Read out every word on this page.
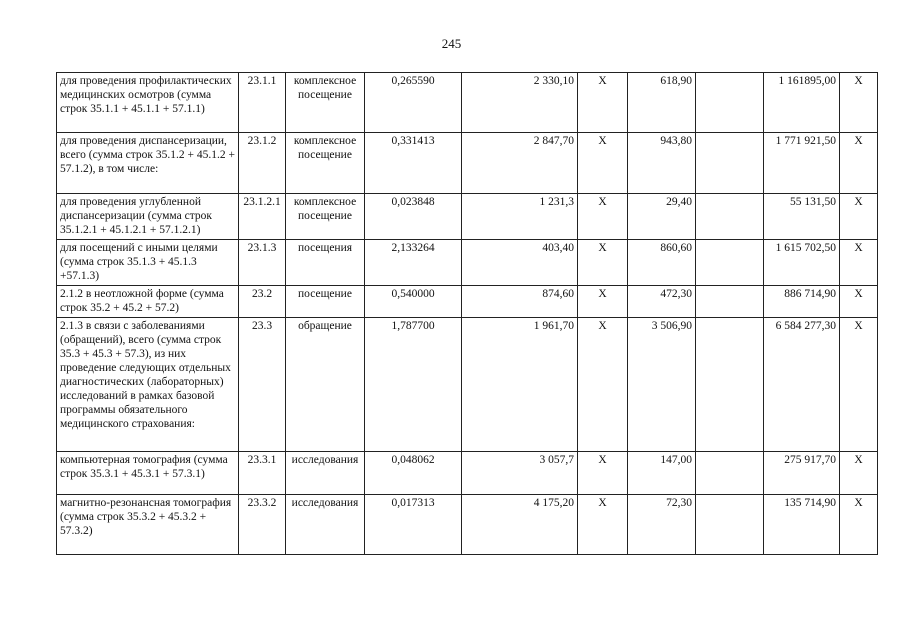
245
для проведения профилактических медицинских осмотров (сумма строк 35.1.1 + 45.1.1 + 57.1.1)	23.1.1	комплексное посещение	0,265590	2 330,10	Х	618,90		1 161895,00	Х
для проведения диспансеризации, всего (сумма строк 35.1.2 + 45.1.2 + 57.1.2), в том числе:	23.1.2	комплексное посещение	0,331413	2 847,70	Х	943,80		1 771 921,50	Х
для проведения углубленной диспансеризации (сумма строк 35.1.2.1 + 45.1.2.1 + 57.1.2.1)	23.1.2.1	комплексное посещение	0,023848	1 231,3	Х	29,40		55 131,50	Х
для посещений с иными целями (сумма строк 35.1.3 + 45.1.3 +57.1.3)	23.1.3	посещения	2,133264	403,40	Х	860,60		1 615 702,50	Х
2.1.2 в неотложной форме (сумма строк 35.2 + 45.2 + 57.2)	23.2	посещение	0,540000	874,60	Х	472,30		886 714,90	Х
2.1.3 в связи с заболеваниями (обращений), всего (сумма строк 35.3 + 45.3 + 57.3), из них проведение следующих отдельных диагностических (лабораторных) исследований в рамках базовой программы обязательного медицинского страхования:	23.3	обращение	1,787700	1 961,70	Х	3 506,90		6 584 277,30	Х
компьютерная томография (сумма строк 35.3.1 + 45.3.1 + 57.3.1)	23.3.1	исследования	0,048062	3 057,7	Х	147,00		275 917,70	Х
магнитно-резонансная томография (сумма строк 35.3.2 + 45.3.2 + 57.3.2)	23.3.2	исследования	0,017313	4 175,20	Х	72,30		135 714,90	Х
